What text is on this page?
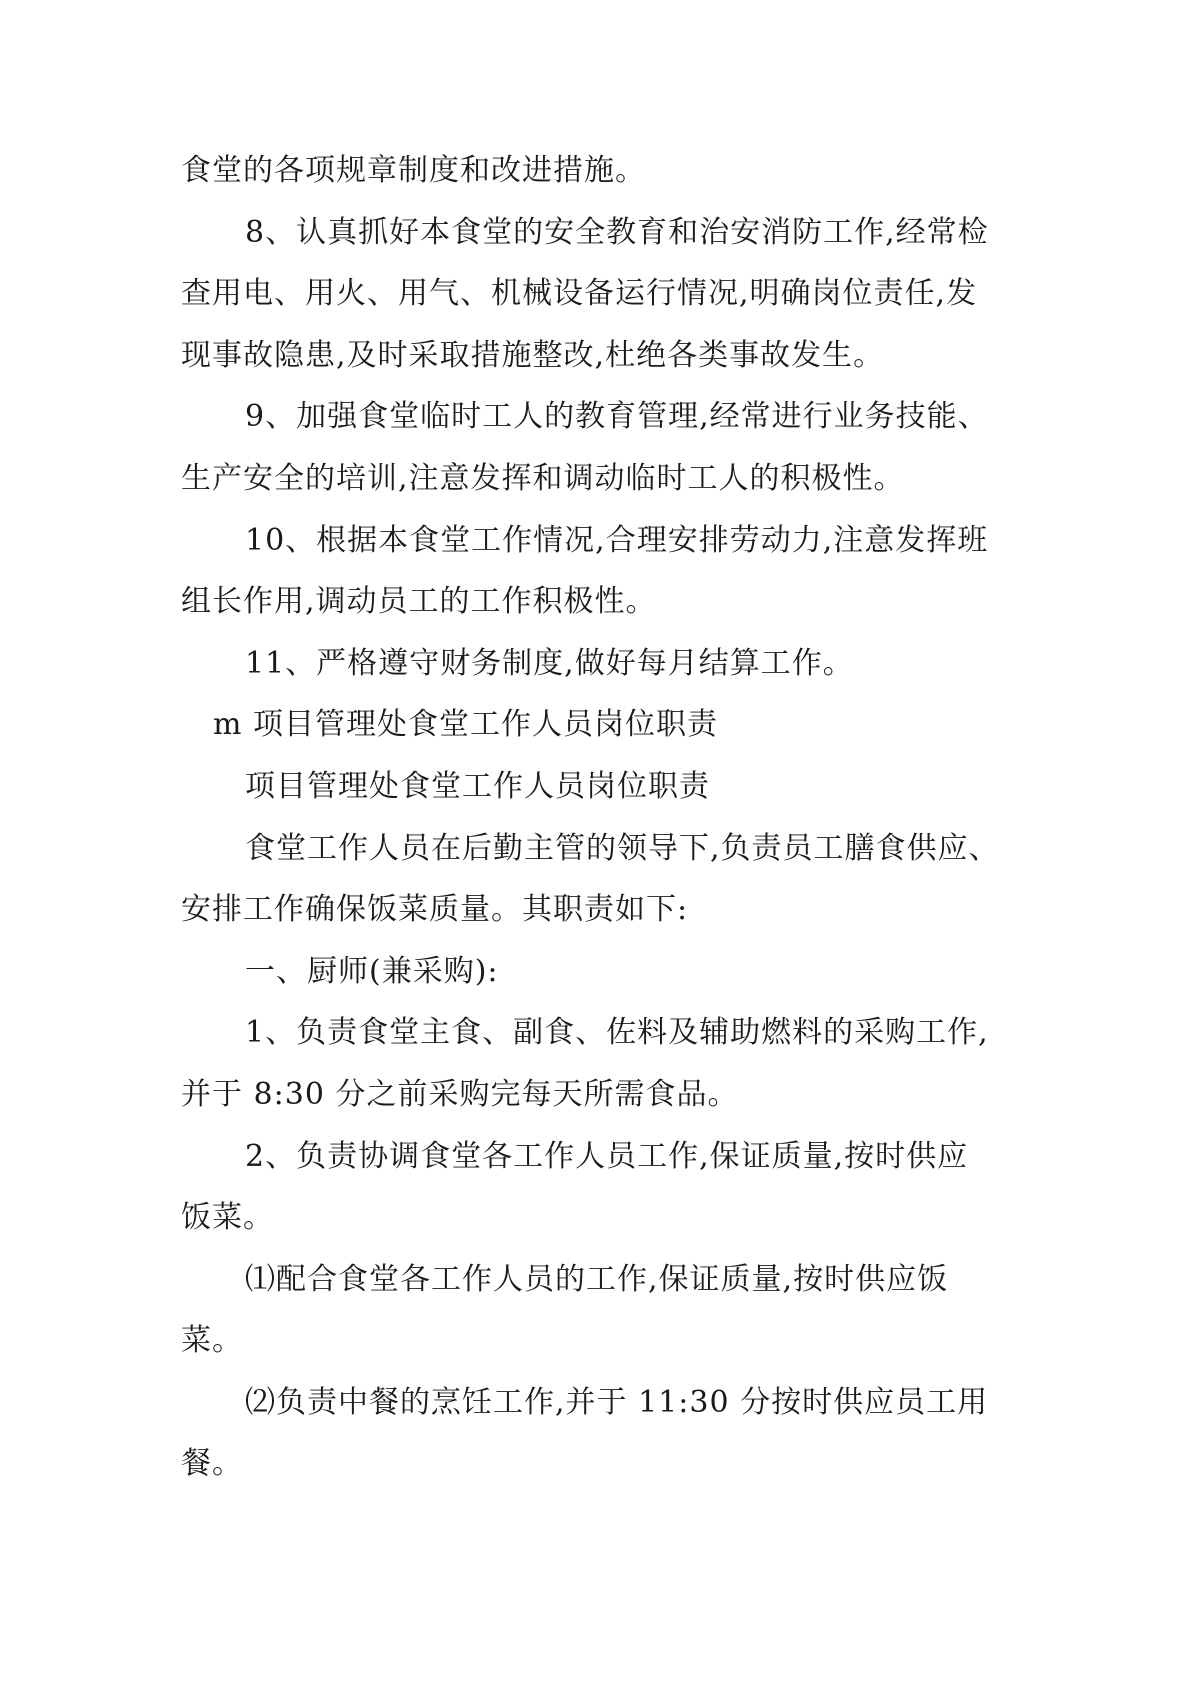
食堂的各项规章制度和改进措施。
8、认真抓好本食堂的安全教育和治安消防工作,经常检
查用电、用火、用气、机械设备运行情况,明确岗位责任,发
现事故隐患,及时采取措施整改,杜绝各类事故发生。
9、加强食堂临时工人的教育管理,经常进行业务技能、
生产安全的培训,注意发挥和调动临时工人的积极性。
10、根据本食堂工作情况,合理安排劳动力,注意发挥班
组长作用,调动员工的工作积极性。
11、严格遵守财务制度,做好每月结算工作。
m 项目管理处食堂工作人员岗位职责
项目管理处食堂工作人员岗位职责
食堂工作人员在后勤主管的领导下,负责员工膳食供应、
安排工作确保饭菜质量。其职责如下:
一、厨师(兼采购):
1、负责食堂主食、副食、佐料及辅助燃料的采购工作,
并于 8:30 分之前采购完每天所需食品。
2、负责协调食堂各工作人员工作,保证质量,按时供应
饭菜。
⑴配合食堂各工作人员的工作,保证质量,按时供应饭
菜。
⑵负责中餐的烹饪工作,并于 11:30 分按时供应员工用
餐。
